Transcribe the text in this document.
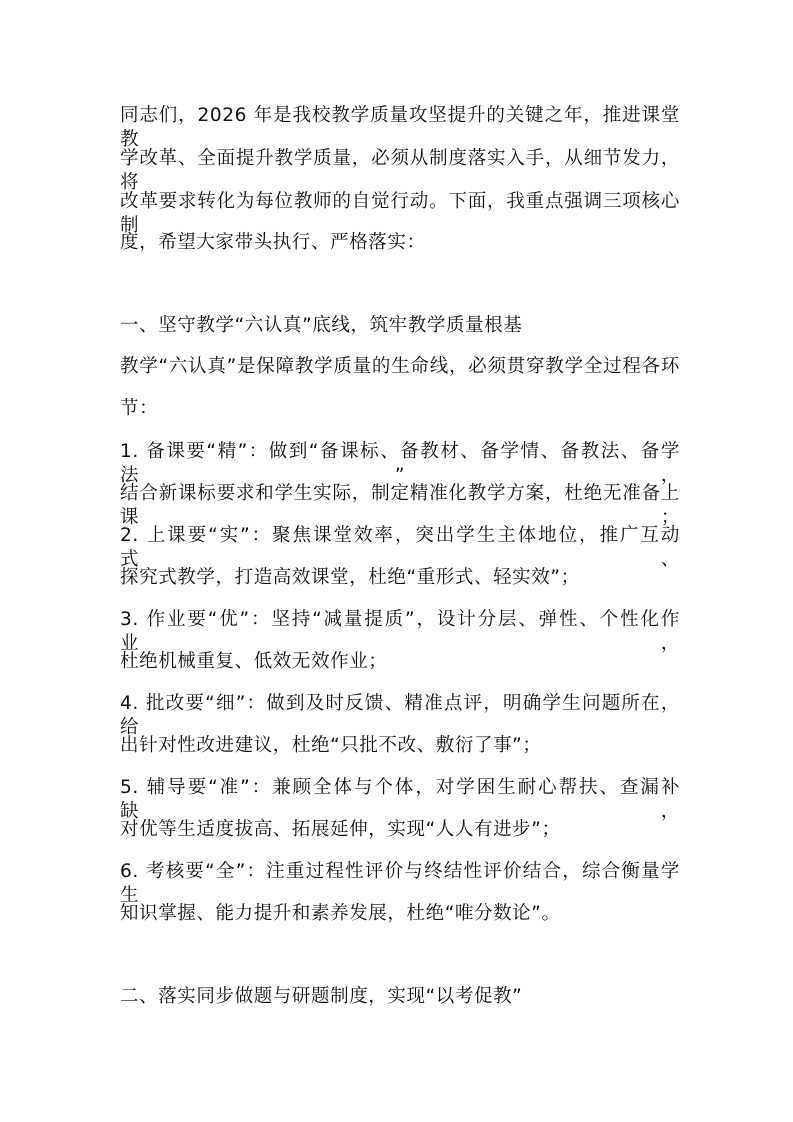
同志们，2026 年是我校教学质量攻坚提升的关键之年，推进课堂教
学改革、全面提升教学质量，必须从制度落实入手，从细节发力，将
改革要求转化为每位教师的自觉行动。下面，我重点强调三项核心制
度，希望大家带头执行、严格落实：
一、坚守教学“六认真”底线，筑牢教学质量根基
教学“六认真”是保障教学质量的生命线，必须贯穿教学全过程各环
节：
1. 备课要“精”：做到“备课标、备教材、备学情、备教法、备学法”，
结合新课标要求和学生实际，制定精准化教学方案，杜绝无准备上课；
2. 上课要“实”：聚焦课堂效率，突出学生主体地位，推广互动式、
探究式教学，打造高效课堂，杜绝“重形式、轻实效”；
3. 作业要“优”：坚持“减量提质”，设计分层、弹性、个性化作业，
杜绝机械重复、低效无效作业；
4. 批改要“细”：做到及时反馈、精准点评，明确学生问题所在，给
出针对性改进建议，杜绝“只批不改、敷衍了事”；
5. 辅导要“准”：兼顾全体与个体，对学困生耐心帮扶、查漏补缺，
对优等生适度拔高、拓展延伸，实现“人人有进步”；
6. 考核要“全”：注重过程性评价与终结性评价结合，综合衡量学生
知识掌握、能力提升和素养发展，杜绝“唯分数论”。
二、落实同步做题与研题制度，实现“以考促教”
